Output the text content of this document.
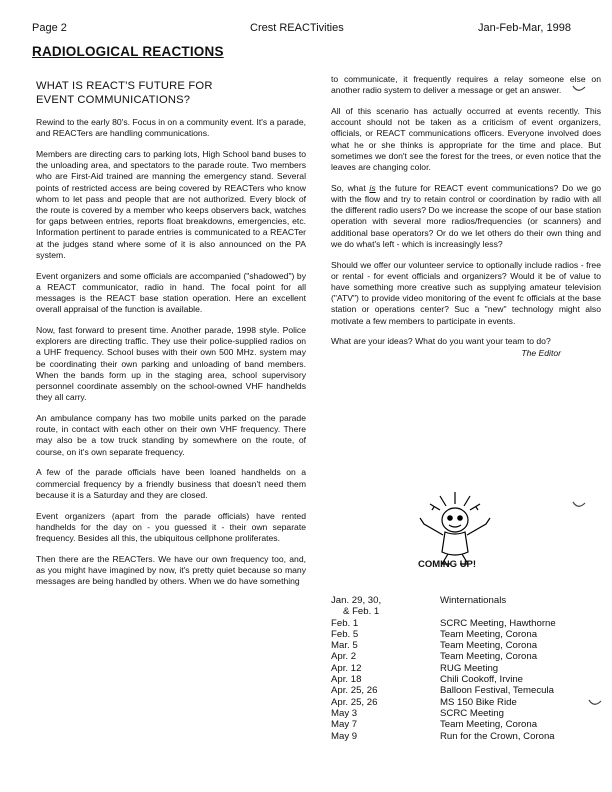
Page 2	Crest REACTivities	Jan-Feb-Mar, 1998
RADIOLOGICAL REACTIONS
WHAT IS REACT'S FUTURE FOR
EVENT COMMUNICATIONS?

Rewind to the early 80's. Focus in on a community event. It's a parade, and REACTers are handling communications.

Members are directing cars to parking lots, High School band buses to the unloading area, and spectators to the parade route. Two members who are First-Aid trained are manning the emergency stand. Several points of restricted access are being covered by REACTers who know whom to let pass and people that are not authorized. Every block of the route is covered by a member who keeps observers back, watches for gaps between entries, reports float breakdowns, emergencies, etc. Information pertinent to parade entries is communicated to a REACTer at the judges stand where some of it is also announced on the PA system.

Event organizers and some officials are accompanied ("shadowed") by a REACT communicator, radio in hand. The focal point for all messages is the REACT base station operation. Here an excellent overall appraisal of the function is available.

Now, fast forward to present time. Another parade, 1998 style. Police explorers are directing traffic. They use their police-supplied radios on a UHF frequency. School buses with their own 500 MHz. system may be coordinating their own parking and unloading of band members. When the bands form up in the staging area, school supervisory personnel coordinate assembly on the school-owned VHF handhelds they all carry.

An ambulance company has two mobile units parked on the parade route, in contact with each other on their own VHF frequency. There may also be a tow truck standing by somewhere on the route, of course, on it's own separate frequency.

A few of the parade officials have been loaned handhelds on a commercial frequency by a friendly business that doesn't need them because it is a Saturday and they are closed.

Event organizers (apart from the parade officials) have rented handhelds for the day on - you guessed it - their own separate frequency. Besides all this, the ubiquitous cellphone proliferates.

Then there are the REACTers. We have our own frequency too, and, as you might have imagined by now, it's pretty quiet because so many messages are being handled by others. When we do have something

to communicate, it frequently requires a relay someone else on another radio system to deliver a message or get an answer.

All of this scenario has actually occurred at events recently. This account should not be taken as a criticism of event organizers, officials, or REACT communications officers. Everyone involved does what he or she thinks is appropriate for the time and place. But sometimes we don't see the forest for the trees, or even notice that the leaves are changing color.

So, what is the future for REACT event communications? Do we go with the flow and try to retain control or coordination by radio with all the different radio users? Do we increase the scope of our base station operation with several more radios/frequencies (or scanners) and additional base operators? Or do we let others do their own thing and we do what's left - which is increasingly less?

Should we offer our volunteer service to optionally include radios - free or rental - for event officials and organizers? Would it be of value to have something more creative such as supplying amateur television ("ATV") to provide video monitoring of the event fc officials at the base station or operations center? Suc a "new" technology might also motivate a few members to participate in events.

What are your ideas? What do you want your team to do?
The Editor

COMING UP!
Jan. 29, 30,	Winternationals
& Feb. 1
Feb. 1	SCRC Meeting, Hawthorne
Feb. 5	Team Meeting, Corona
Mar. 5	Team Meeting, Corona
Apr. 2	Team Meeting, Corona
Apr. 12	RUG Meeting
Apr. 18	Chili Cookoff, Irvine
Apr. 25, 26	Balloon Festival, Temecula
Apr. 25, 26	MS 150 Bike Ride
May 3	SCRC Meeting
May 7	Team Meeting, Corona
May 9	Run for the Crown, Corona
